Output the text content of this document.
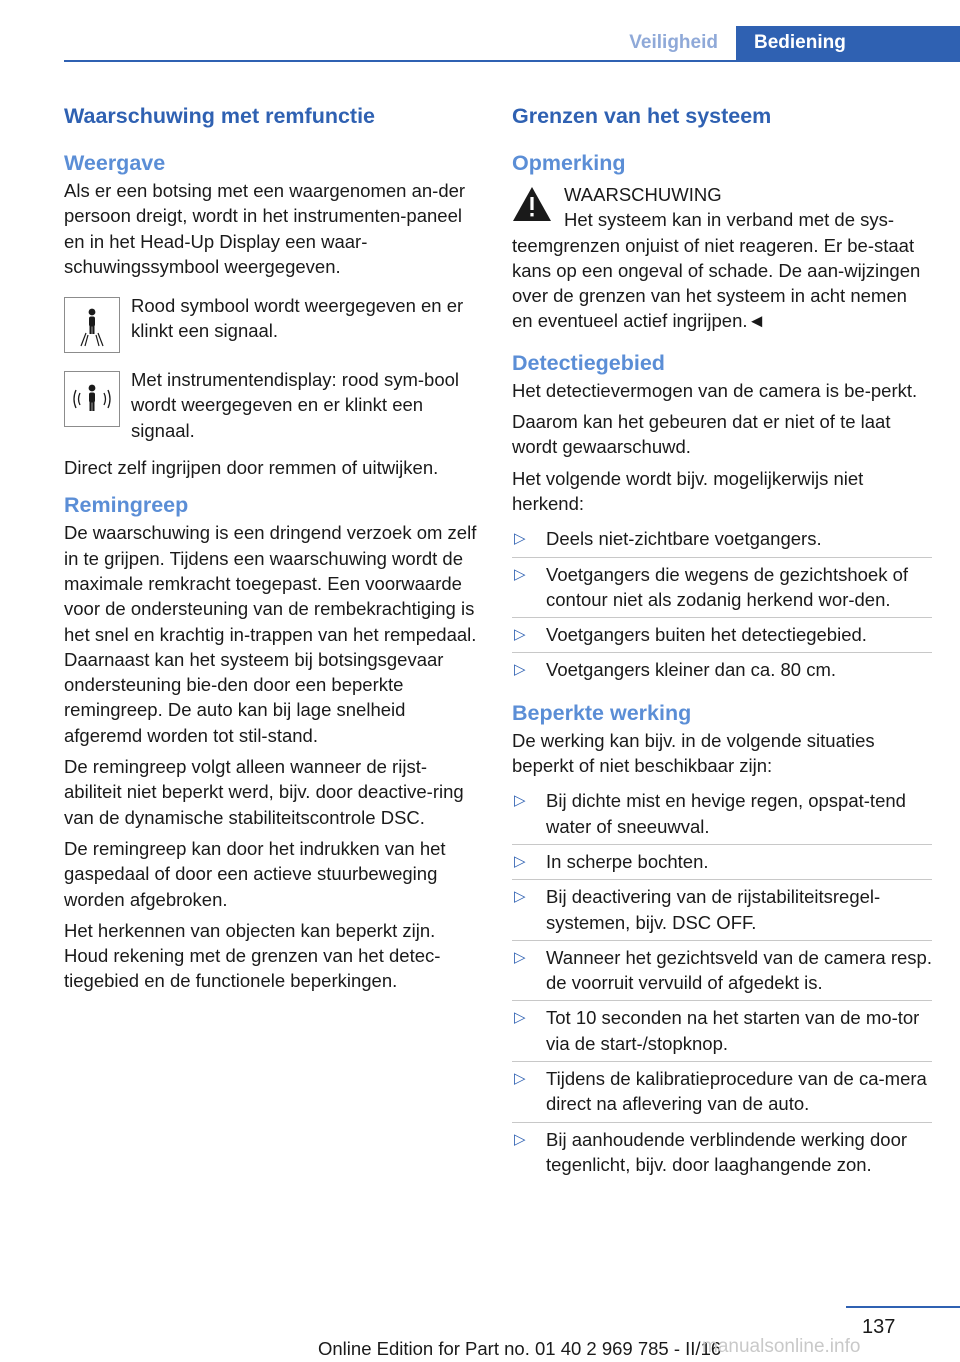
Veiligheid	Bediening
Waarschuwing met remfunctie
Weergave
Als er een botsing met een waargenomen an-der persoon dreigt, wordt in het instrumenten-paneel en in het Head-Up Display een waar-schuwingssymbool weergegeven.
Rood symbool wordt weergegeven en er klinkt een signaal.
Met instrumentendisplay: rood sym-bool wordt weergegeven en er klinkt een signaal.
Direct zelf ingrijpen door remmen of uitwijken.
Remingreep
De waarschuwing is een dringend verzoek om zelf in te grijpen. Tijdens een waarschuwing wordt de maximale remkracht toegepast. Een voorwaarde voor de ondersteuning van de rembekrachtiging is het snel en krachtig in-trappen van het rempedaal. Daarnaast kan het systeem bij botsingsgevaar ondersteuning bie-den door een beperkte remingreep. De auto kan bij lage snelheid afgeremd worden tot stil-stand.
De remingreep volgt alleen wanneer de rijst-abiliteit niet beperkt werd, bijv. door deactive-ring van de dynamische stabiliteitscontrole DSC.
De remingreep kan door het indrukken van het gaspedaal of door een actieve stuurbeweging worden afgebroken.
Het herkennen van objecten kan beperkt zijn. Houd rekening met de grenzen van het detec-tiegebied en de functionele beperkingen.
Grenzen van het systeem
Opmerking
WAARSCHUWING
Het systeem kan in verband met de sys-
teemgrenzen onjuist of niet reageren. Er be-staat kans op een ongeval of schade. De aan-wijzingen over de grenzen van het systeem in acht nemen en eventueel actief ingrijpen.◄
Detectiegebied
Het detectievermogen van de camera is be-perkt.
Daarom kan het gebeuren dat er niet of te laat wordt gewaarschuwd.
Het volgende wordt bijv. mogelijkerwijs niet herkend:
▷	Deels niet-zichtbare voetgangers.
▷	Voetgangers die wegens de gezichtshoek of contour niet als zodanig herkend wor-den.
▷	Voetgangers buiten het detectiegebied.
▷	Voetgangers kleiner dan ca. 80 cm.
Beperkte werking
De werking kan bijv. in de volgende situaties beperkt of niet beschikbaar zijn:
▷	Bij dichte mist en hevige regen, opspat-tend water of sneeuwval.
▷	In scherpe bochten.
▷	Bij deactivering van de rijstabiliteitsregel-systemen, bijv. DSC OFF.
▷	Wanneer het gezichtsveld van de camera resp. de voorruit vervuild of afgedekt is.
▷	Tot 10 seconden na het starten van de mo-tor via de start-/stopknop.
▷	Tijdens de kalibratieprocedure van de ca-mera direct na aflevering van de auto.
▷	Bij aanhoudende verblindende werking door tegenlicht, bijv. door laaghangende zon.
137
Online Edition for Part no. 01 40 2 969 785 - II/16
manualsonline.info
